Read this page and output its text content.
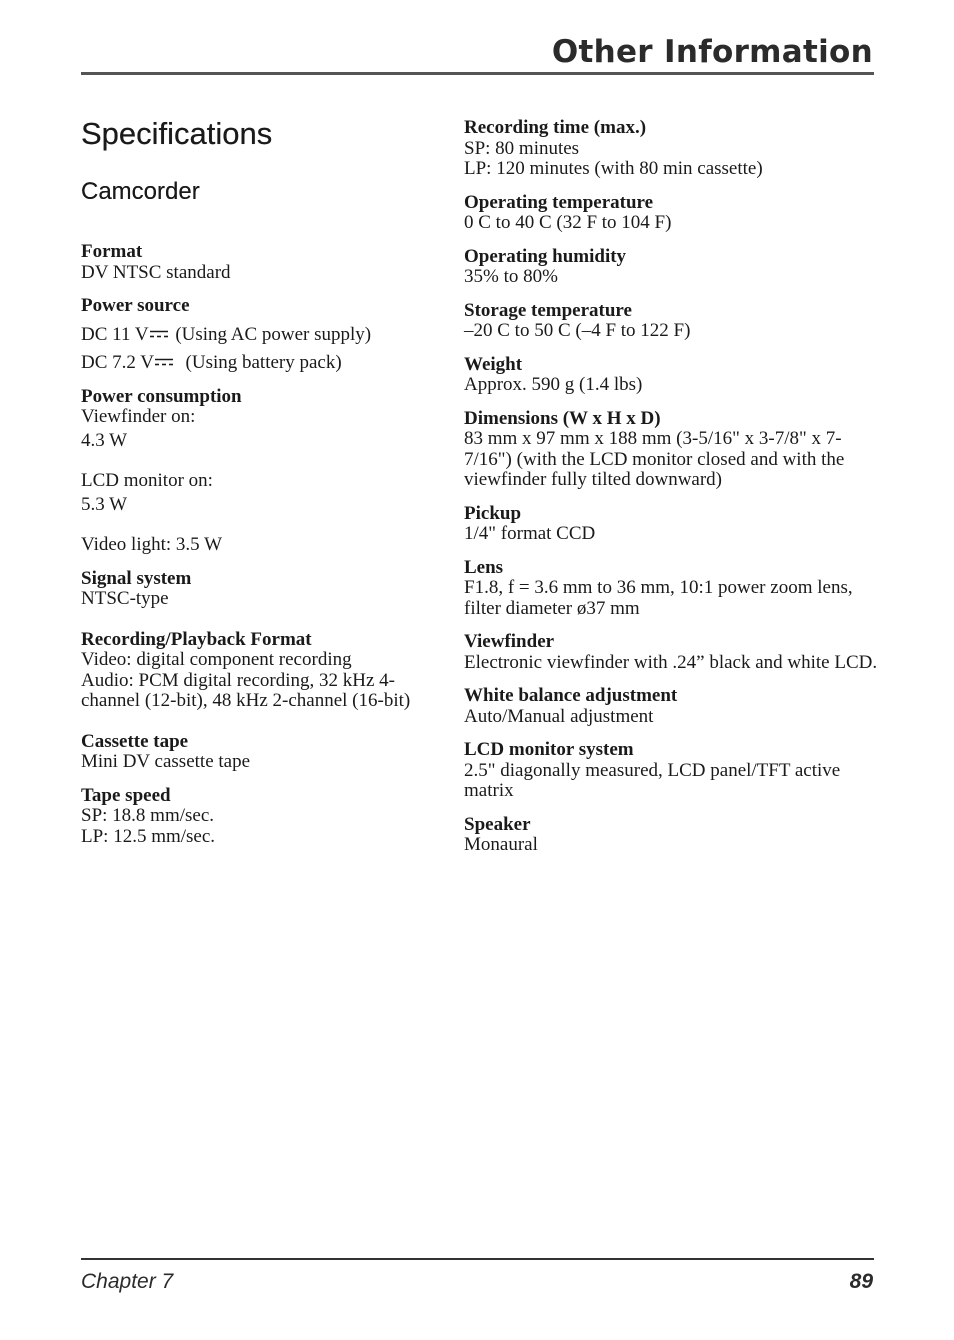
Other Information
Specifications
Camcorder
Format
DV NTSC standard
Power source
DC 11 V (Using AC power supply)
DC 7.2 V  (Using battery pack)
Power consumption
Viewfinder on:
4.3 W
LCD monitor on:
5.3 W
Video light: 3.5 W
Signal system
NTSC-type
Recording/Playback Format
Video: digital component recording
Audio: PCM digital recording, 32 kHz 4-channel (12-bit), 48 kHz 2-channel (16-bit)
Cassette tape
Mini DV cassette tape
Tape speed
SP: 18.8 mm/sec.
LP: 12.5 mm/sec.
Recording time (max.)
SP: 80 minutes
LP: 120 minutes (with 80 min cassette)
Operating temperature
0 C to 40 C (32 F to 104 F)
Operating humidity
35% to 80%
Storage temperature
–20 C to 50 C (–4 F to 122 F)
Weight
Approx. 590 g (1.4 lbs)
Dimensions (W x H x D)
83 mm x 97 mm x 188 mm (3-5/16" x 3-7/8" x 7-7/16") (with the LCD monitor closed and with the viewfinder fully tilted downward)
Pickup
1/4" format CCD
Lens
F1.8, f = 3.6 mm to 36 mm, 10:1 power zoom lens, filter diameter ø37 mm
Viewfinder
Electronic viewfinder with .24” black and white LCD.
White balance adjustment
Auto/Manual adjustment
LCD monitor system
2.5" diagonally measured, LCD panel/TFT active matrix
Speaker
Monaural
Chapter 7	89
